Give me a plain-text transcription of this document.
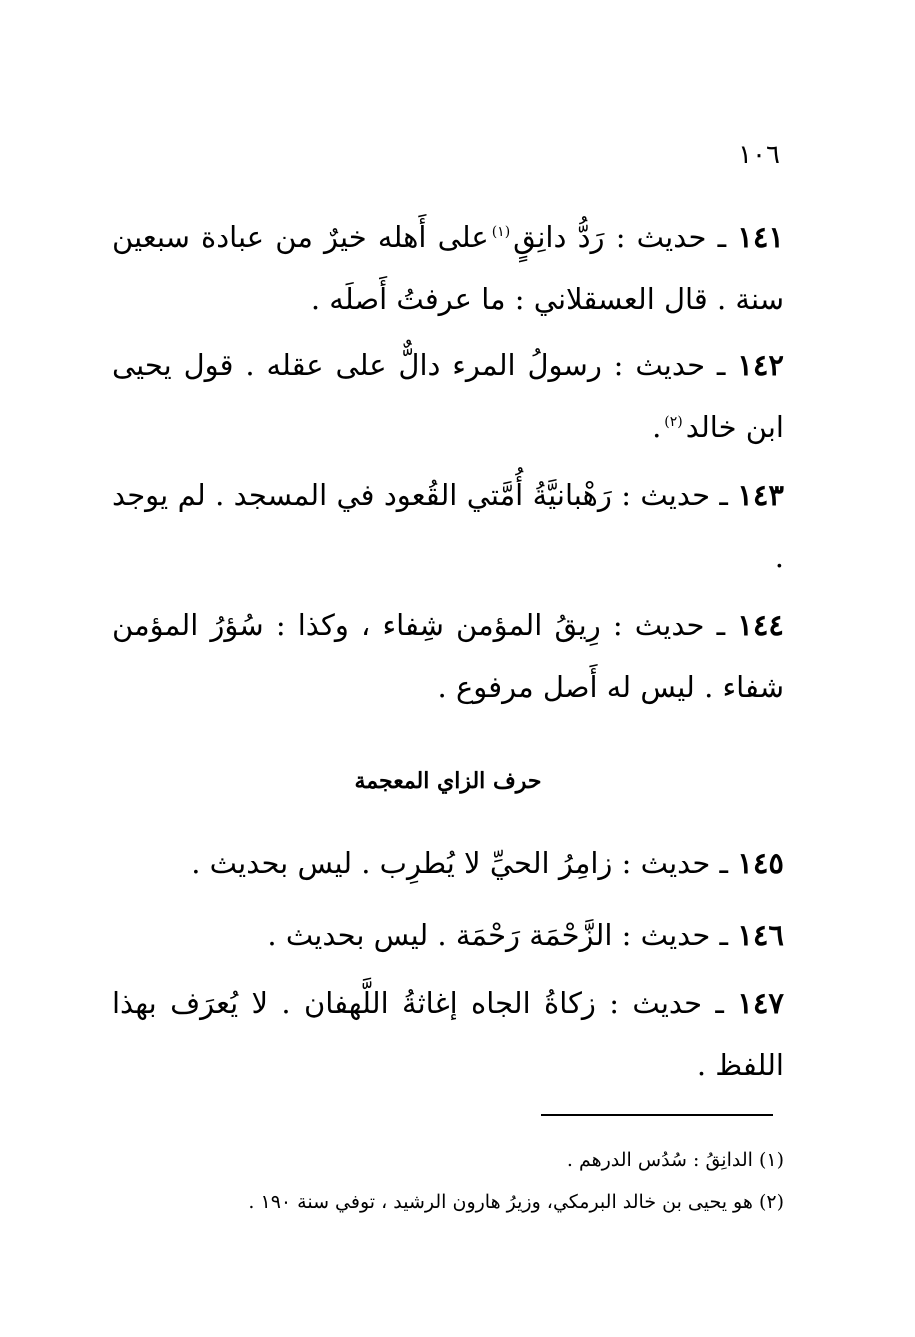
١٠٦

١٤١ ـ حديث : رَدُّ دانِقٍ$^{(١)}$على أَهله خيرٌ من عبادة سبعين سنة . قال العسقلاني : ما عرفتُ أَصلَه .

١٤٢ ـ حديث : رسولُ المرء دالٌّ على عقله . قول يحيى ابن خالد$^{(٢)}$.

١٤٣ ـ حديث : رَهْبانيَّةُ أُمَّتي القُعود في المسجد . لم يوجد .

١٤٤ ـ حديث : رِيقُ المؤمن شِفاء ، وكذا : سُؤرُ المؤمن شفاء . ليس له أَصل مرفوع .

حرف الزاي المعجمة

١٤٥ ـ حديث : زامِرُ الحيِّ لا يُطرِب . ليس بحديث .

١٤٦ ـ حديث : الزَّحْمَة رَحْمَة . ليس بحديث .

١٤٧ ـ حديث : زكاةُ الجاه إغاثةُ اللَّهفان . لا يُعرَف بهذا اللفظ .

(١) الدانِقُ : سُدُس الدرهم .
(٢) هو يحيى بن خالد البرمكي، وزيرُ هارون الرشيد ، توفي سنة ١٩٠ .
